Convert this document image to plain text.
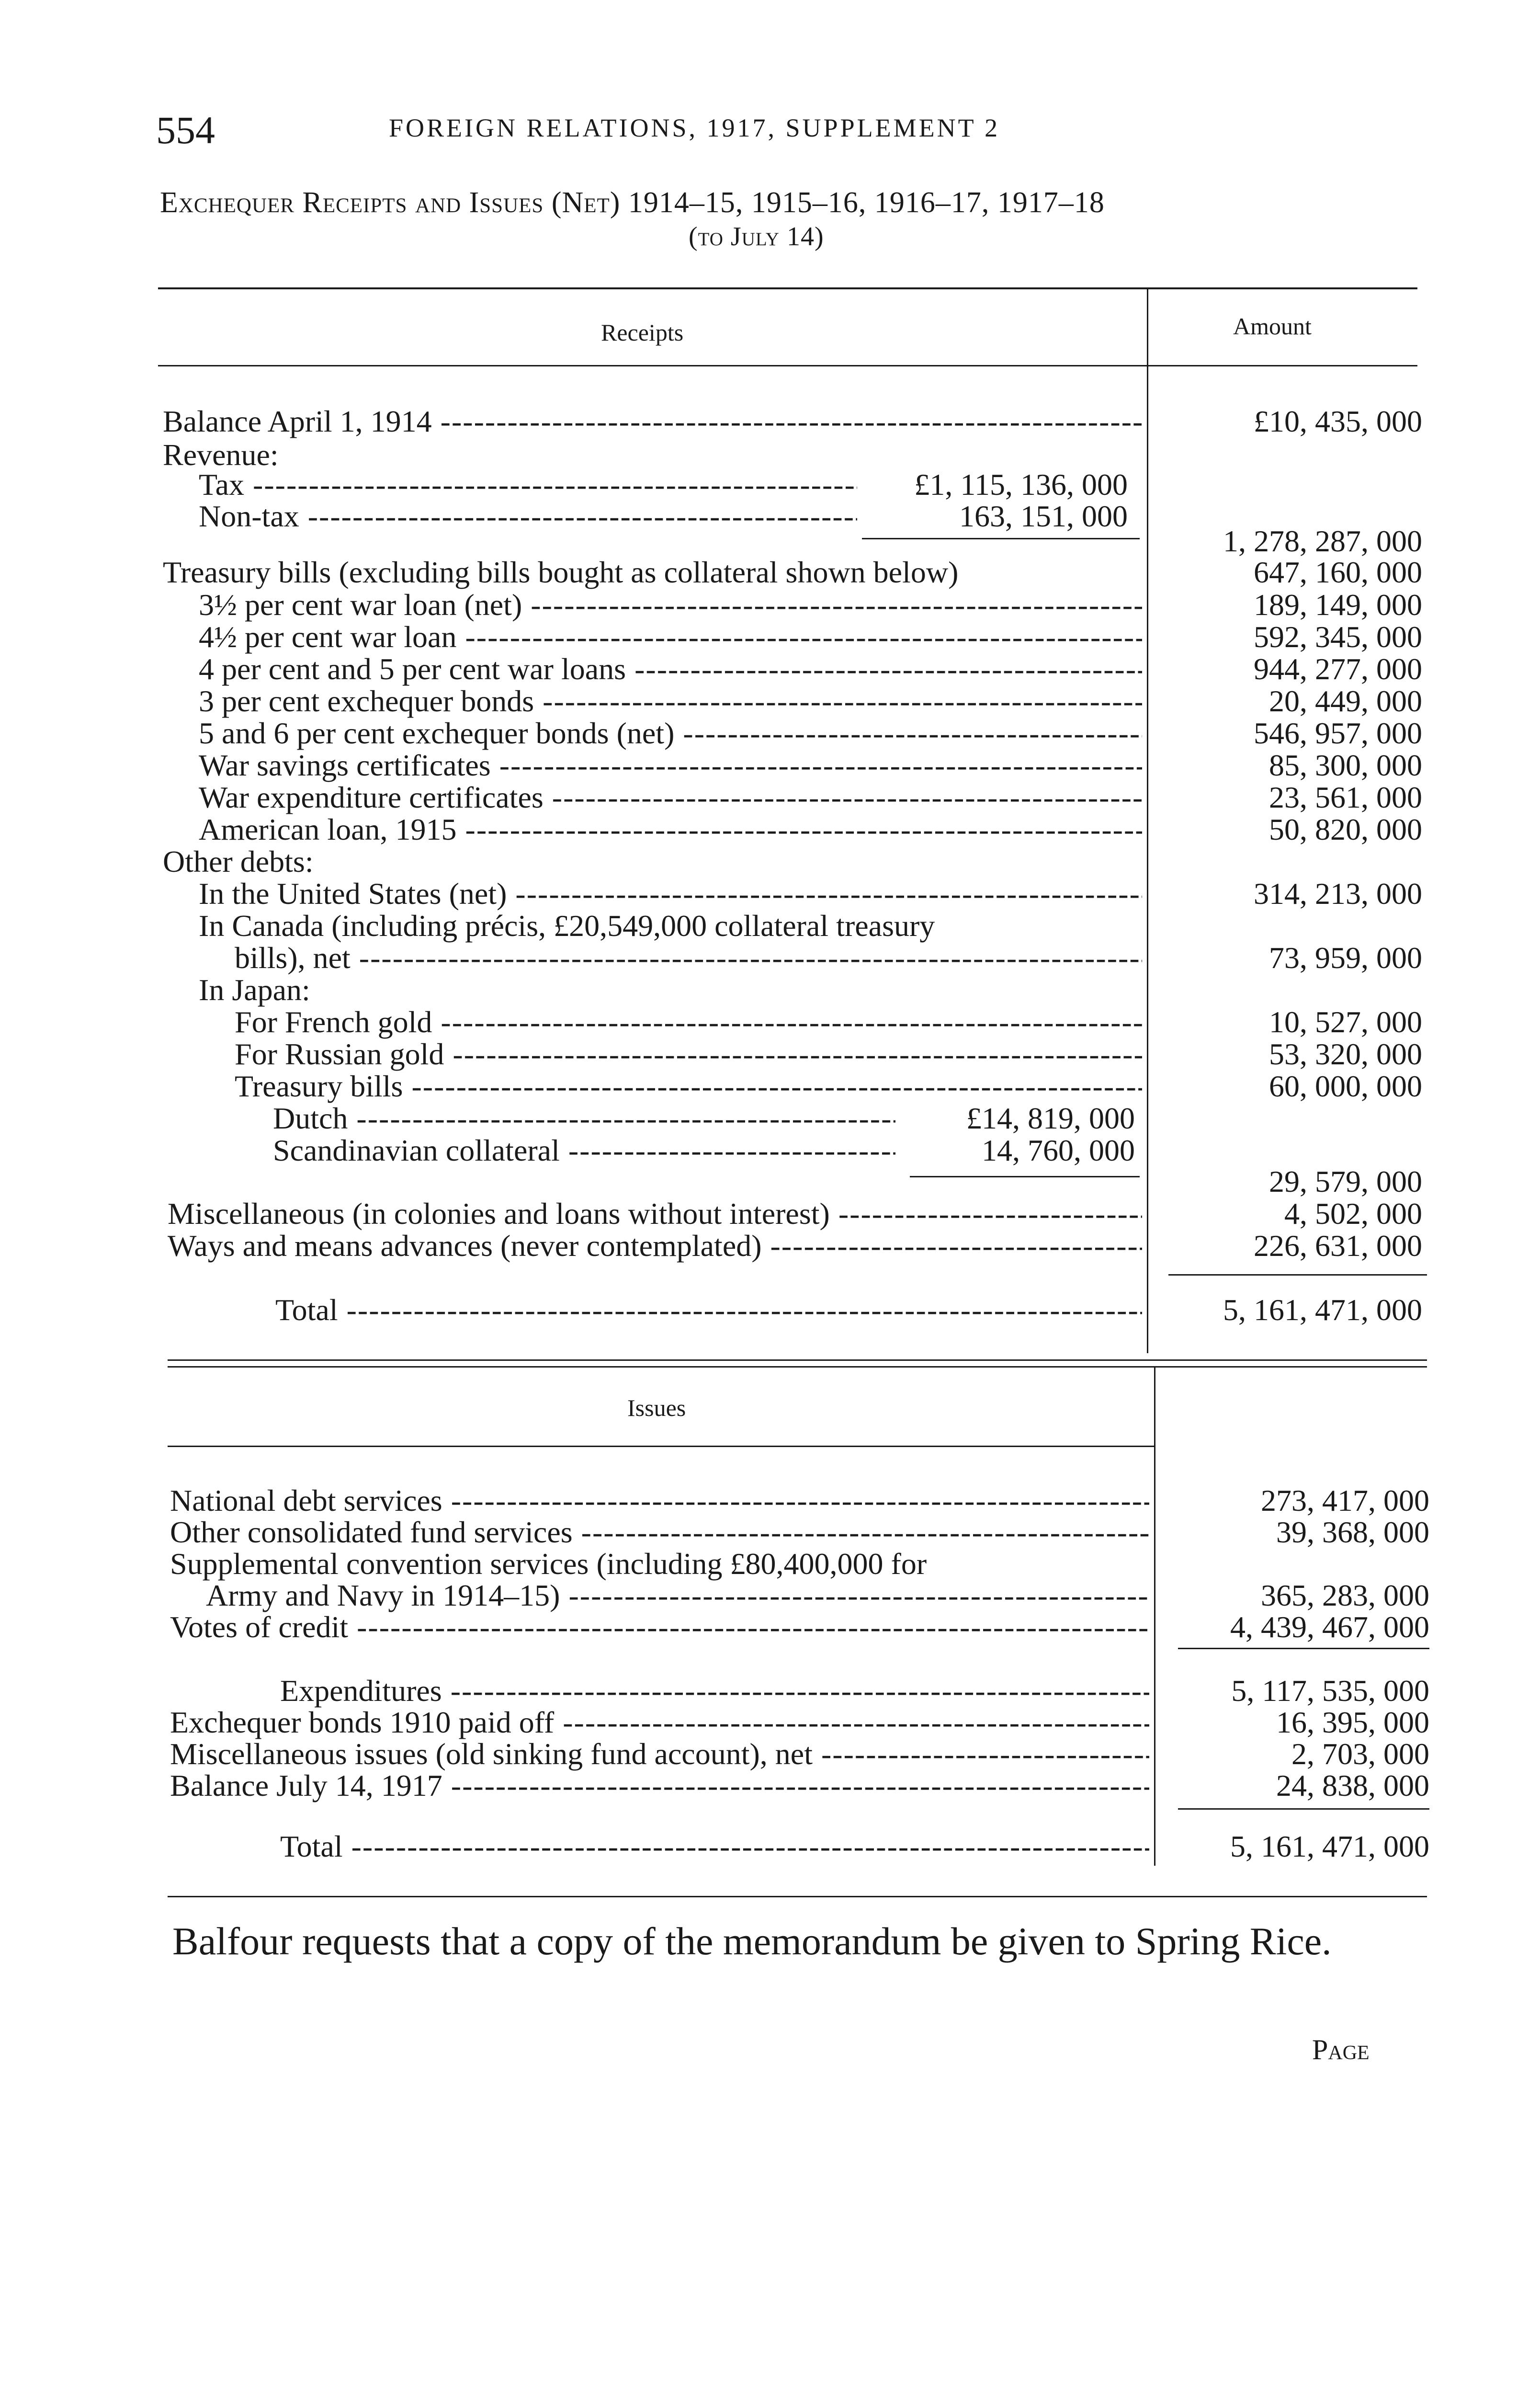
554	FOREIGN RELATIONS, 1917, SUPPLEMENT 2
Exchequer Receipts and Issues (Net) 1914–15, 1915–16, 1916–17, 1917–18
(to July 14)
Receipts	Amount
Balance April 1, 1914 -----	£10, 435, 000
Revenue:
Tax -----	£1, 115, 136, 000
Non-tax -----	163, 151, 000
1, 278, 287, 000
Treasury bills (excluding bills bought as collateral shown below)	647, 160, 000
3½ per cent war loan (net) -----	189, 149, 000
4½ per cent war loan -----	592, 345, 000
4 per cent and 5 per cent war loans -----	944, 277, 000
3 per cent exchequer bonds -----	20, 449, 000
5 and 6 per cent exchequer bonds (net) -----	546, 957, 000
War savings certificates -----	85, 300, 000
War expenditure certificates -----	23, 561, 000
American loan, 1915 -----	50, 820, 000
Other debts:
In the United States (net) -----	314, 213, 000
In Canada (including précis, £20,549,000 collateral treasury
bills), net -----	73, 959, 000
In Japan:
For French gold -----	10, 527, 000
For Russian gold -----	53, 320, 000
Treasury bills -----	60, 000, 000
Dutch -----	£14, 819, 000
Scandinavian collateral -----	14, 760, 000
29, 579, 000
Miscellaneous (in colonies and loans without interest) -----	4, 502, 000
Ways and means advances (never contemplated) -----	226, 631, 000
Total -----	5, 161, 471, 000
Issues
National debt services -----	273, 417, 000
Other consolidated fund services -----	39, 368, 000
Supplemental convention services (including £80,400,000 for
Army and Navy in 1914–15) -----	365, 283, 000
Votes of credit -----	4, 439, 467, 000
Expenditures -----	5, 117, 535, 000
Exchequer bonds 1910 paid off -----	16, 395, 000
Miscellaneous issues (old sinking fund account), net -----	2, 703, 000
Balance July 14, 1917 -----	24, 838, 000
Total -----	5, 161, 471, 000
Balfour requests that a copy of the memorandum be given to Spring Rice.
Page
